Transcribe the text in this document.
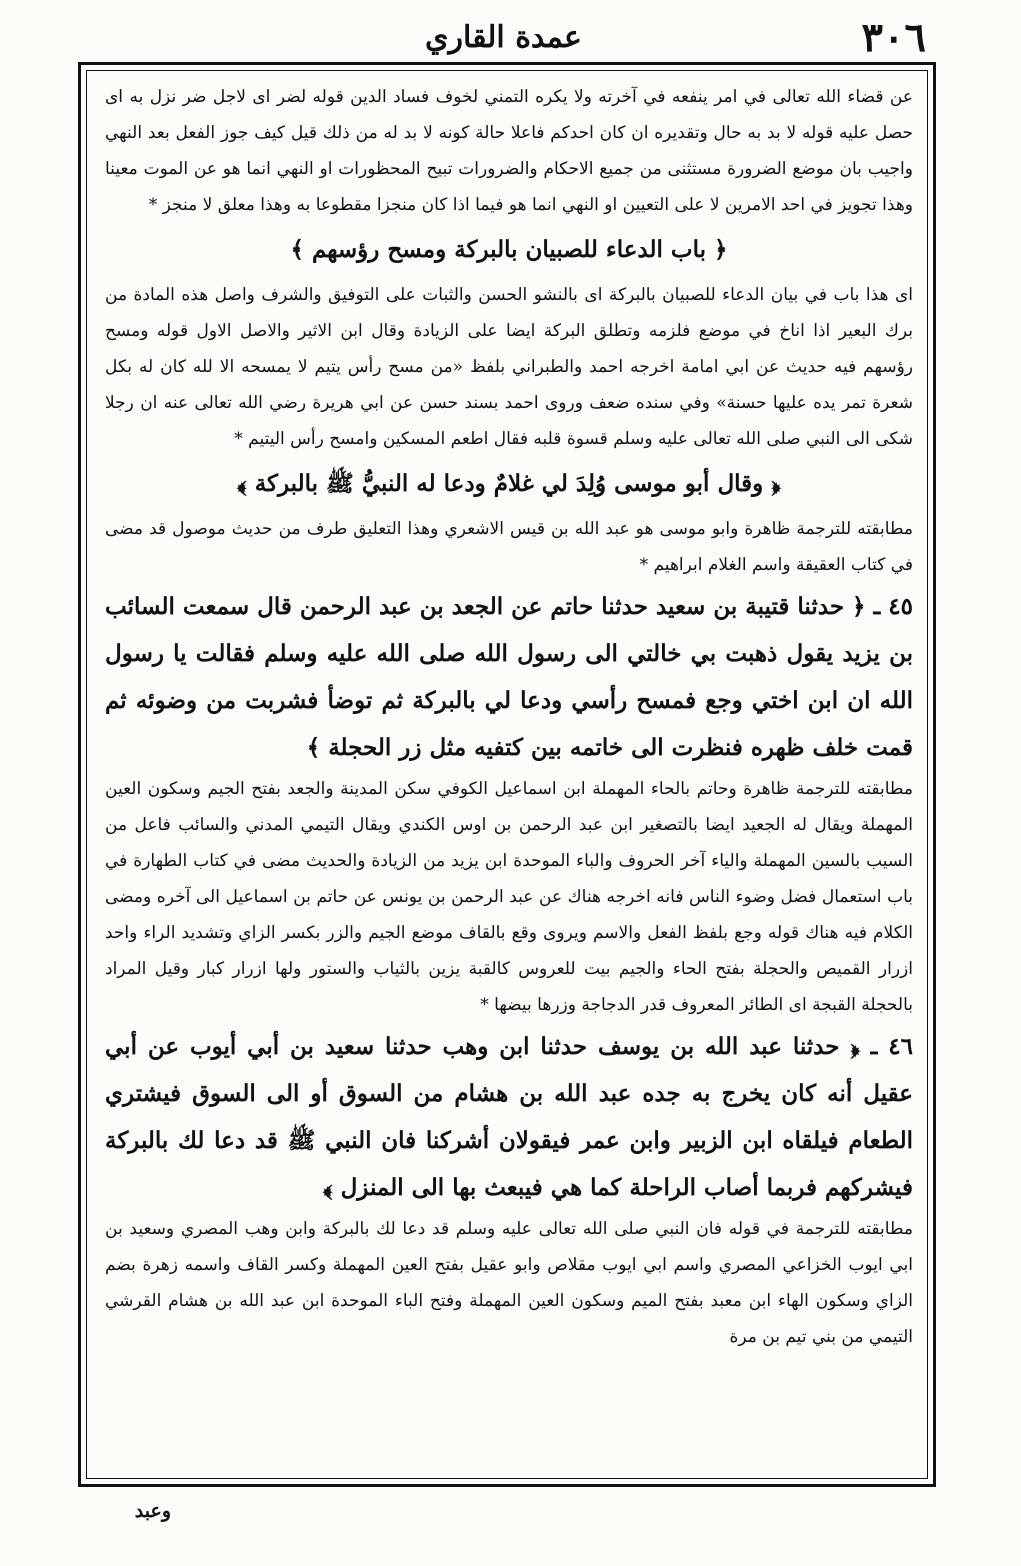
٣٠٦
عمدة القاري

عن قضاء الله تعالى في امر ينفعه في آخرته ولا يكره التمني لخوف فساد الدين قوله لضر اى لاجل ضر نزل به اى حصل عليه قوله لا بد به حال وتقديره ان كان احدكم فاعلا حالة كونه لا بد له من ذلك قيل كيف جوز الفعل بعد النهي واجيب بان موضع الضرورة مستثنى من جميع الاحكام والضرورات تبيح المحظورات او النهي انما هو عن الموت معينا وهذا تجويز في احد الامرين لا على التعيين او النهي انما هو فيما اذا كان منجزا مقطوعا به وهذا معلق لا منجز *

﴿ باب الدعاء للصبيان بالبركة ومسح رؤسهم ﴾

اى هذا باب في بيان الدعاء للصبيان بالبركة اى بالنشو الحسن والثبات على التوفيق والشرف واصل هذه المادة من برك البعير اذا اناخ في موضع فلزمه وتطلق البركة ايضا على الزيادة وقال ابن الاثير والاصل الاول قوله ومسح رؤسهم فيه حديث عن ابي امامة اخرجه احمد والطبراني بلفظ «من مسح رأس يتيم لا يمسحه الا لله كان له بكل شعرة تمر يده عليها حسنة» وفي سنده ضعف وروى احمد بسند حسن عن ابي هريرة رضي الله تعالى عنه ان رجلا شكى الى النبي صلى الله تعالى عليه وسلم قسوة قلبه فقال اطعم المسكين وامسح رأس اليتيم *

﴿ وقال أبو موسى وُلِدَ لي غلامٌ ودعا له النبيُّ ﷺ بالبركة ﴾

مطابقته للترجمة ظاهرة وابو موسى هو عبد الله بن قيس الاشعري وهذا التعليق طرف من حديث موصول قد مضى في كتاب العقيقة واسم الغلام ابراهيم *

٤٥ ـ ﴿ حدثنا قتيبة بن سعيد حدثنا حاتم عن الجعد بن عبد الرحمن قال سمعت السائب بن يزيد يقول ذهبت بي خالتي الى رسول الله صلى الله عليه وسلم فقالت يا رسول الله ان ابن اختي وجع فمسح رأسي ودعا لي بالبركة ثم توضأ فشربت من وضوئه ثم قمت خلف ظهره فنظرت الى خاتمه بين كتفيه مثل زر الحجلة ﴾

مطابقته للترجمة ظاهرة وحاتم بالحاء المهملة ابن اسماعيل الكوفي سكن المدينة والجعد بفتح الجيم وسكون العين المهملة ويقال له الجعيد ايضا بالتصغير ابن عبد الرحمن بن اوس الكندي ويقال التيمي المدني والسائب فاعل من السيب بالسين المهملة والياء آخر الحروف والباء الموحدة ابن يزيد من الزيادة والحديث مضى في كتاب الطهارة في باب استعمال فضل وضوء الناس فانه اخرجه هناك عن عبد الرحمن بن يونس عن حاتم بن اسماعيل الى آخره ومضى الكلام فيه هناك قوله وجع بلفظ الفعل والاسم ويروى وقع بالقاف موضع الجيم والزر بكسر الزاي وتشديد الراء واحد ازرار القميص والحجلة بفتح الحاء والجيم بيت للعروس كالقبة يزين بالثياب والستور ولها ازرار كبار وقيل المراد بالحجلة القبجة اى الطائر المعروف قدر الدجاجة وزرها بيضها *

٤٦ ـ ﴿ حدثنا عبد الله بن يوسف حدثنا ابن وهب حدثنا سعيد بن أبي أيوب عن أبي عقيل أنه كان يخرج به جده عبد الله بن هشام من السوق أو الى السوق فيشتري الطعام فيلقاه ابن الزبير وابن عمر فيقولان أشركنا فان النبي ﷺ قد دعا لك بالبركة فيشركهم فربما أصاب الراحلة كما هي فيبعث بها الى المنزل ﴾

مطابقته للترجمة في قوله فان النبي صلى الله تعالى عليه وسلم قد دعا لك بالبركة وابن وهب المصري وسعيد بن ابي ايوب الخزاعي المصري واسم ابي ايوب مقلاص وابو عقيل بفتح العين المهملة وكسر القاف واسمه زهرة بضم الزاي وسكون الهاء ابن معبد بفتح الميم وسكون العين المهملة وفتح الباء الموحدة ابن عبد الله بن هشام القرشي التيمي من بني تيم بن مرة

وعبد
